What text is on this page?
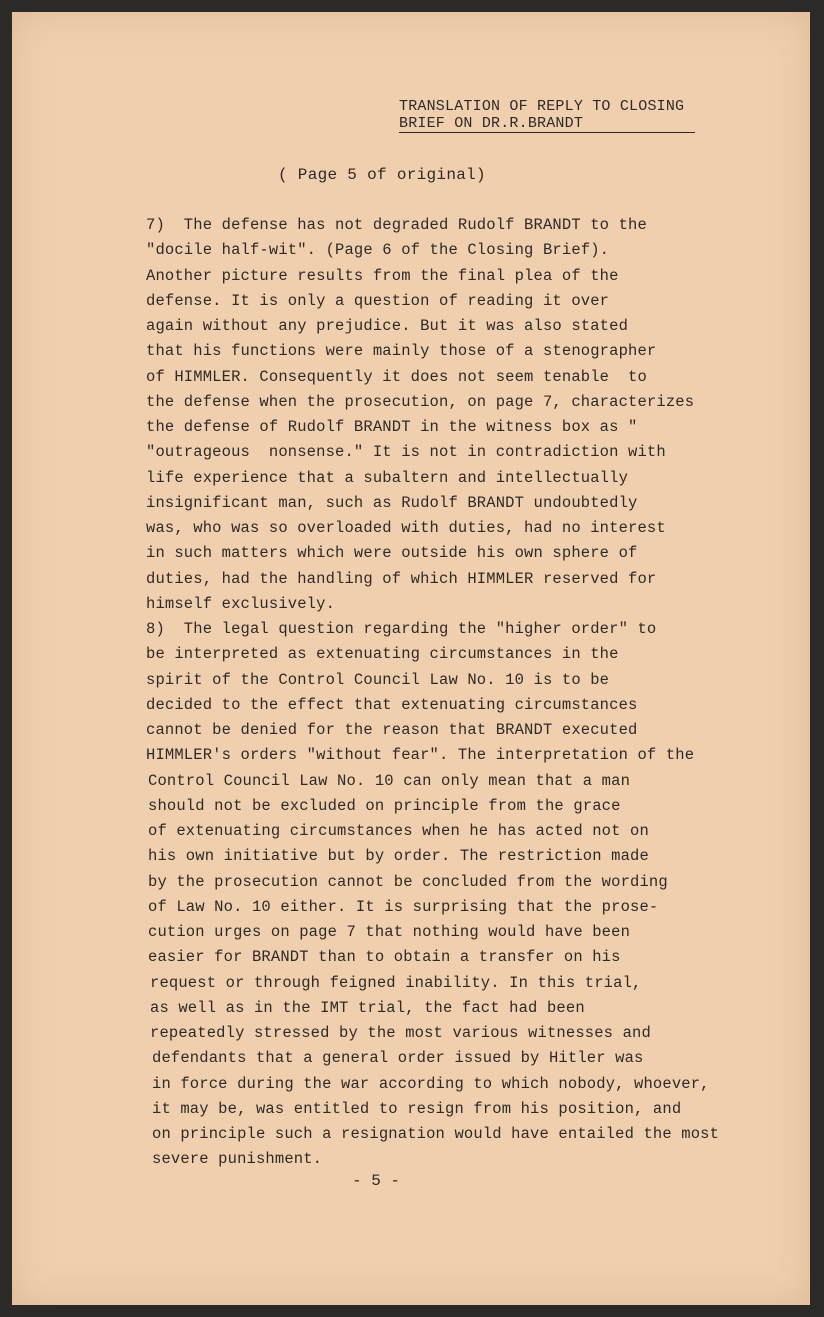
TRANSLATION OF REPLY TO CLOSING
BRIEF ON DR.R.BRANDT
( Page 5 of original)
7)  The defense has not degraded Rudolf BRANDT to the
"docile half-wit". (Page 6 of the Closing Brief).
Another picture results from the final plea of the
defense. It is only a question of reading it over
again without any prejudice. But it was also stated
that his functions were mainly those of a stenographer
of HIMMLER. Consequently it does not seem tenable  to
the defense when the prosecution, on page 7, characterizes
the defense of Rudolf BRANDT in the witness box as "
"outrageous  nonsense." It is not in contradiction with
life experience that a subaltern and intellectually
insignificant man, such as Rudolf BRANDT undoubtedly
was, who was so overloaded with duties, had no interest
in such matters which were outside his own sphere of
duties, had the handling of which HIMMLER reserved for
himself exclusively.
8)  The legal question regarding the "higher order" to
be interpreted as extenuating circumstances in the
spirit of the Control Council Law No. 10 is to be
decided to the effect that extenuating circumstances
cannot be denied for the reason that BRANDT executed
HIMMLER's orders "without fear". The interpretation of the
Control Council Law No. 10 can only mean that a man
should not be excluded on principle from the grace
of extenuating circumstances when he has acted not on
his own initiative but by order. The restriction made
by the prosecution cannot be concluded from the wording
of Law No. 10 either. It is surprising that the prose-
cution urges on page 7 that nothing would have been
easier for BRANDT than to obtain a transfer on his
request or through feigned inability. In this trial,
as well as in the IMT trial, the fact had been
repeatedly stressed by the most various witnesses and
defendants that a general order issued by Hitler was
in force during the war according to which nobody, whoever,
it may be, was entitled to resign from his position, and
on principle such a resignation would have entailed the most
severe punishment.
- 5 -
